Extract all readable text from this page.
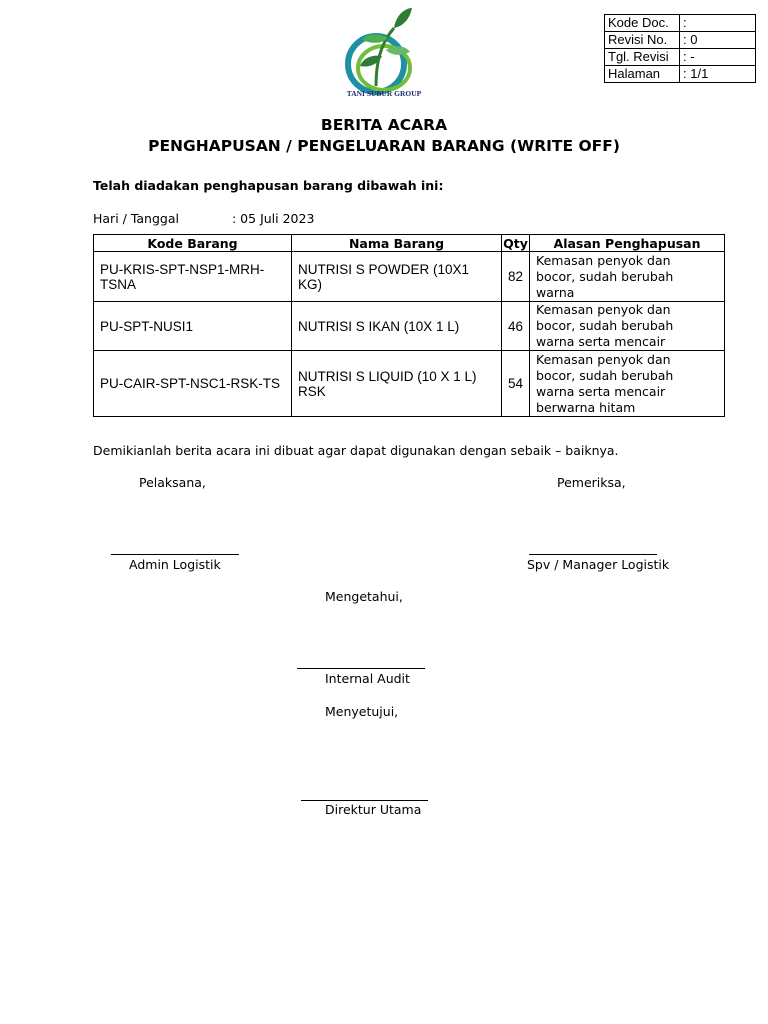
TANI SUBUR GROUP
Kode Doc.	:
Revisi No.	: 0
Tgl. Revisi	: -
Halaman	: 1/1
BERITA ACARA
PENGHAPUSAN / PENGELUARAN BARANG (WRITE OFF)
Telah diadakan penghapusan barang dibawah ini:
Hari / Tanggal	: 05 Juli 2023
Kode Barang	Nama Barang	Qty	Alasan Penghapusan
PU-KRIS-SPT-NSP1-MRH-TSNA	NUTRISI S POWDER (10X1 KG)	82	Kemasan penyok dan
bocor, sudah berubah
warna
PU-SPT-NUSI1	NUTRISI S IKAN (10X 1 L)	46	Kemasan penyok dan
bocor, sudah berubah
warna serta mencair
PU-CAIR-SPT-NSC1-RSK-TS	NUTRISI S LIQUID (10 X 1 L) RSK	54	Kemasan penyok dan
bocor, sudah berubah
warna serta mencair
berwarna hitam
Demikianlah berita acara ini dibuat agar dapat digunakan dengan sebaik – baiknya.
Pelaksana,	Pemeriksa,
Admin Logistik	Spv / Manager Logistik
Mengetahui,
Internal Audit
Menyetujui,
Direktur Utama
